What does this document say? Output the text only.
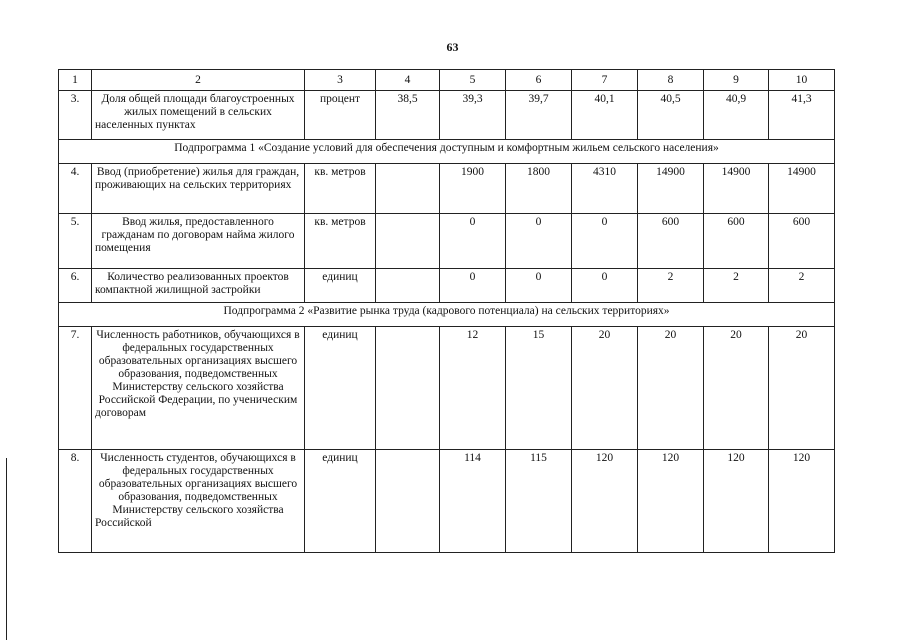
63
1	2	3	4	5	6	7	8	9	10
3.	Доля общей площади благоустроенных жилых помещений в сельских населенных пунктах	процент	38,5	39,3	39,7	40,1	40,5	40,9	41,3
Подпрограмма 1 «Создание условий для обеспечения доступным и комфортным жильем сельского населения»									
4.	Ввод (приобретение) жилья для граждан, проживающих на сельских территориях	кв. метров		1900	1800	4310	14900	14900	14900
5.	Ввод жилья, предоставленного гражданам по договорам найма жилого помещения	кв. метров		0	0	0	600	600	600
6.	Количество реализованных проектов компактной жилищной застройки	единиц		0	0	0	2	2	2
Подпрограмма 2 «Развитие рынка труда (кадрового потенциала) на сельских территориях»									
7.	Численность работников, обучающихся в федеральных государственных образовательных организациях высшего образования, подведомственных Министерству сельского хозяйства Российской Федерации, по ученическим договорам	единиц		12	15	20	20	20	20
8.	Численность студентов, обучающихся в федеральных государственных образовательных организациях высшего образования, подведомственных Министерству сельского хозяйства Российской	единиц		114	115	120	120	120	120
